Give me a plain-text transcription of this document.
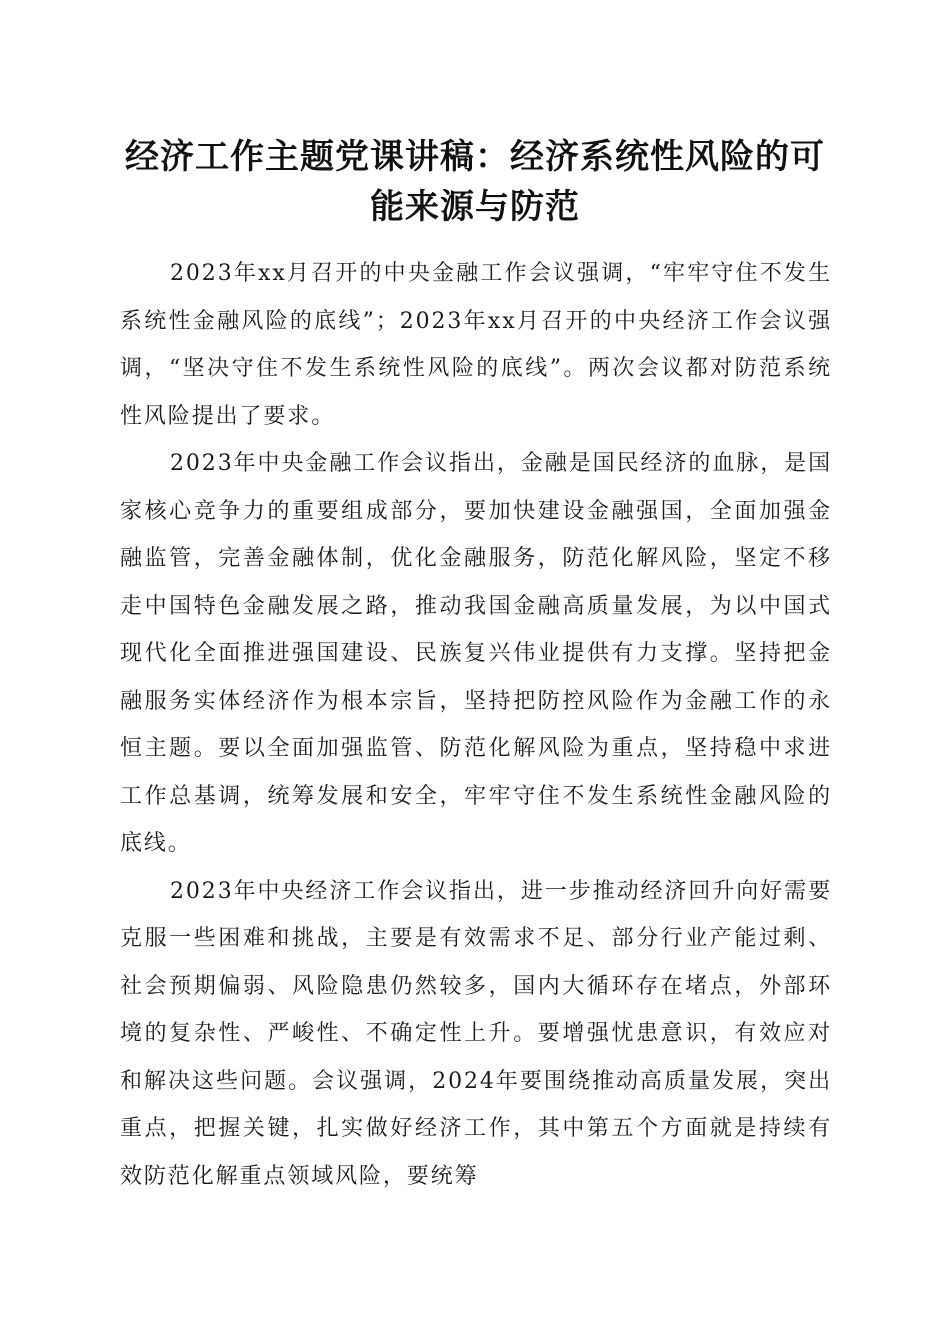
经济工作主题党课讲稿：经济系统性风险的可能来源与防范

2023年xx月召开的中央金融工作会议强调，“牢牢守住不发生系统性金融风险的底线”；2023年xx月召开的中央经济工作会议强调，“坚决守住不发生系统性风险的底线”。两次会议都对防范系统性风险提出了要求。

2023年中央金融工作会议指出，金融是国民经济的血脉，是国家核心竞争力的重要组成部分，要加快建设金融强国，全面加强金融监管，完善金融体制，优化金融服务，防范化解风险，坚定不移走中国特色金融发展之路，推动我国金融高质量发展，为以中国式现代化全面推进强国建设、民族复兴伟业提供有力支撑。坚持把金融服务实体经济作为根本宗旨，坚持把防控风险作为金融工作的永恒主题。要以全面加强监管、防范化解风险为重点，坚持稳中求进工作总基调，统筹发展和安全，牢牢守住不发生系统性金融风险的底线。

2023年中央经济工作会议指出，进一步推动经济回升向好需要克服一些困难和挑战，主要是有效需求不足、部分行业产能过剩、社会预期偏弱、风险隐患仍然较多，国内大循环存在堵点，外部环境的复杂性、严峻性、不确定性上升。要增强忧患意识，有效应对和解决这些问题。会议强调，2024年要围绕推动高质量发展，突出重点，把握关键，扎实做好经济工作，其中第五个方面就是持续有效防范化解重点领域风险，要统筹
